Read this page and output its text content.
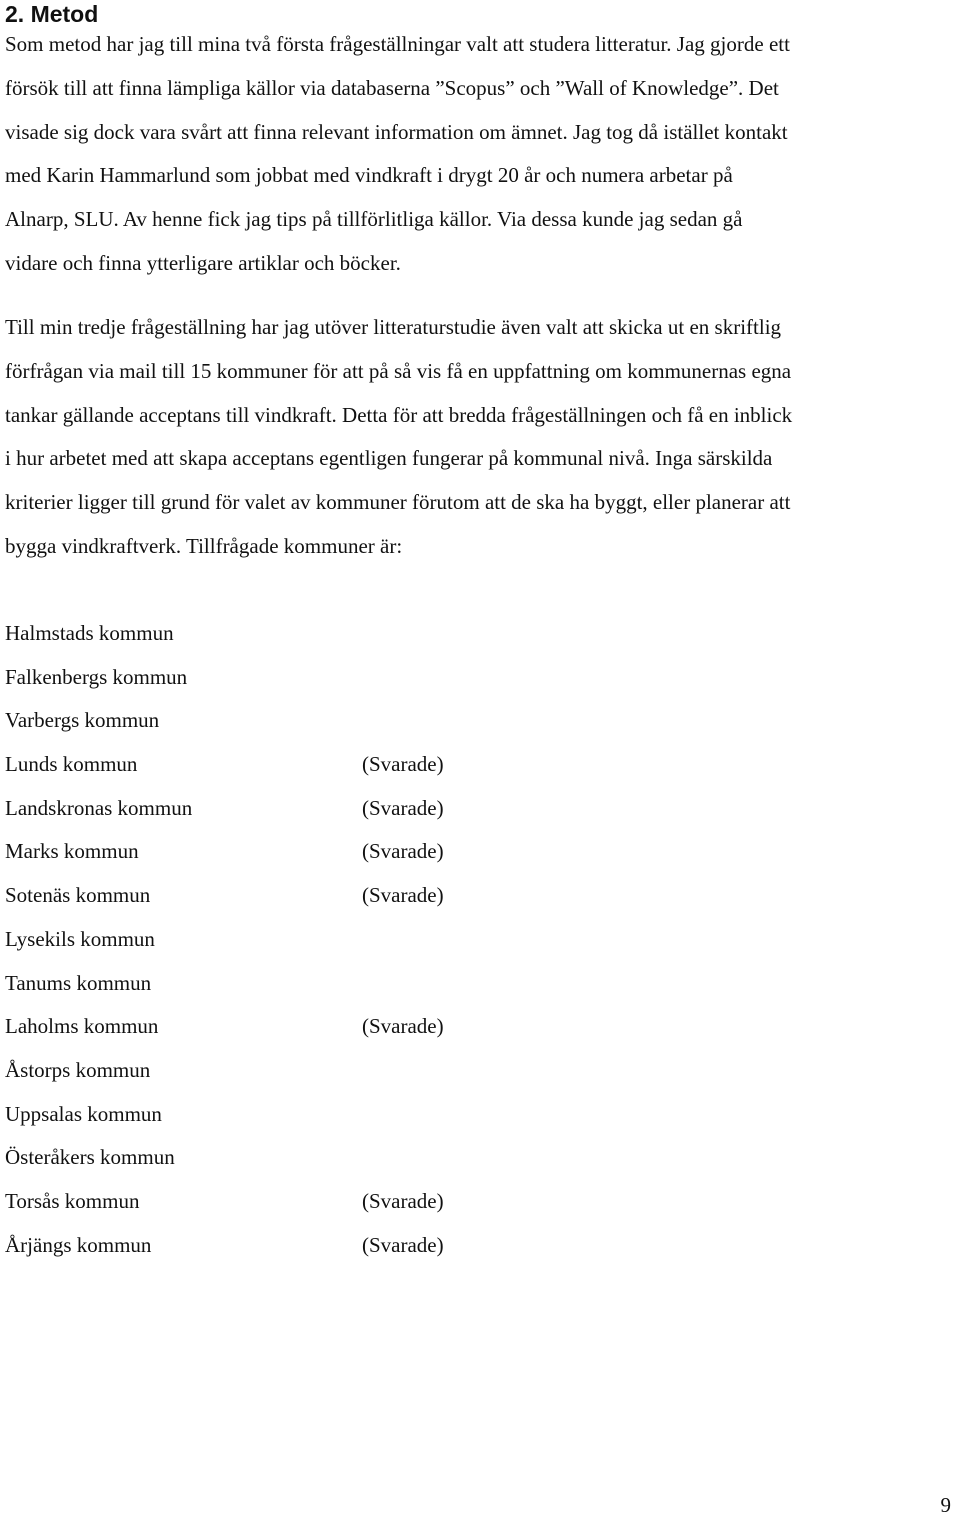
2. Metod

Som metod har jag till mina två första frågeställningar valt att studera litteratur. Jag gjorde ett
försök till att finna lämpliga källor via databaserna ”Scopus” och ”Wall of Knowledge”. Det
visade sig dock vara svårt att finna relevant information om ämnet. Jag tog då istället kontakt
med Karin Hammarlund som jobbat med vindkraft i drygt 20 år och numera arbetar på
Alnarp, SLU. Av henne fick jag tips på tillförlitliga källor. Via dessa kunde jag sedan gå
vidare och finna ytterligare artiklar och böcker.

Till min tredje frågeställning har jag utöver litteraturstudie även valt att skicka ut en skriftlig
förfrågan via mail till 15 kommuner för att på så vis få en uppfattning om kommunernas egna
tankar gällande acceptans till vindkraft. Detta för att bredda frågeställningen och få en inblick
i hur arbetet med att skapa acceptans egentligen fungerar på kommunal nivå. Inga särskilda
kriterier ligger till grund för valet av kommuner förutom att de ska ha byggt, eller planerar att
bygga vindkraftverk. Tillfrågade kommuner är:

Halmstads kommun
Falkenbergs kommun
Varbergs kommun
Lunds kommun	(Svarade)
Landskronas kommun	(Svarade)
Marks kommun	(Svarade)
Sotenäs kommun	(Svarade)
Lysekils kommun
Tanums kommun
Laholms kommun	(Svarade)
Åstorps kommun
Uppsalas kommun
Österåkers kommun
Torsås kommun	(Svarade)
Årjängs kommun	(Svarade)
9
